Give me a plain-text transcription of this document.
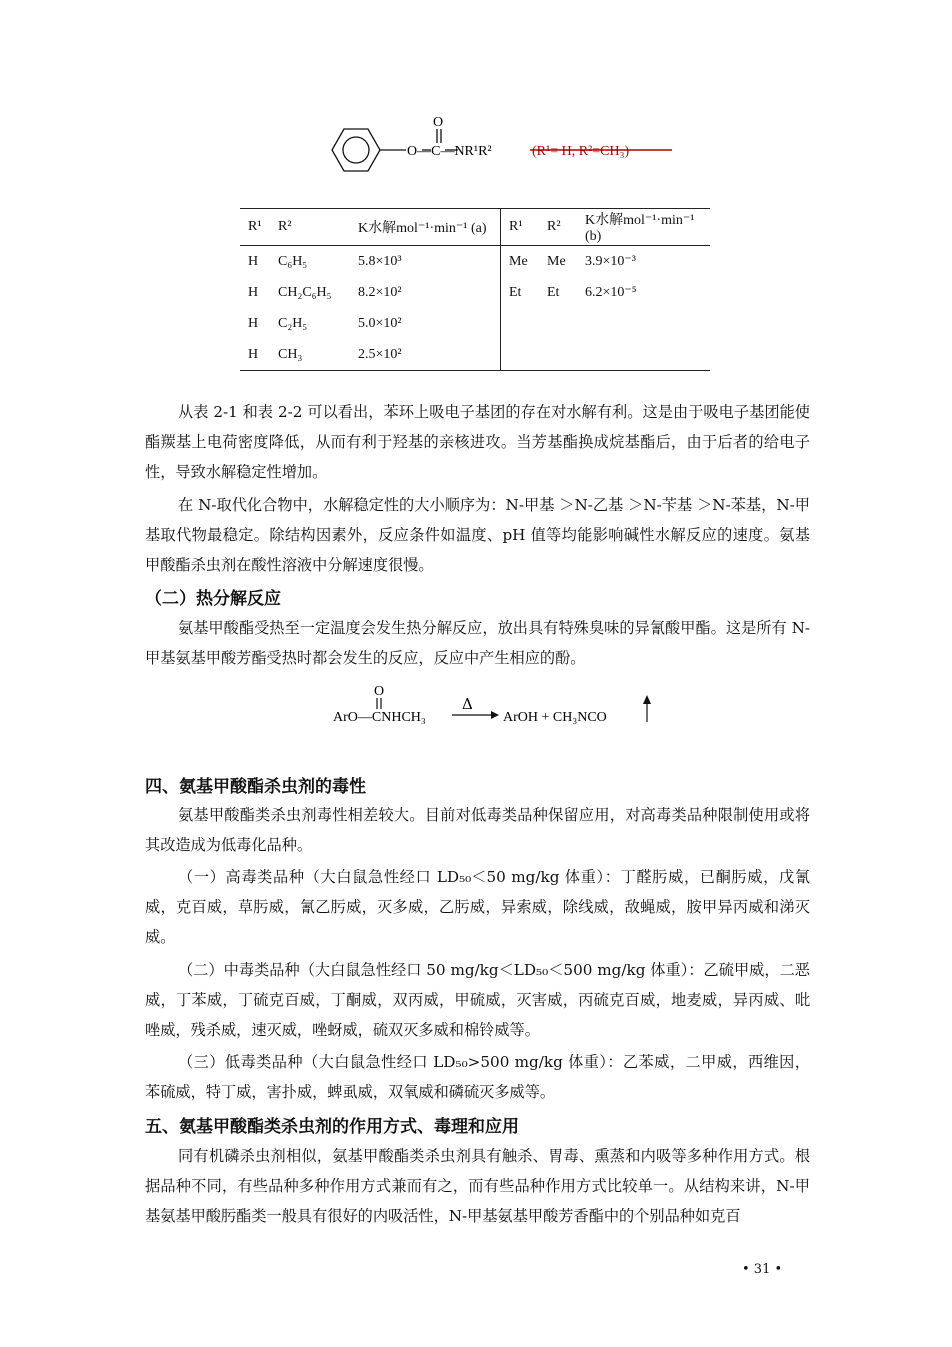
O
O—C—NR¹R²	(R¹= H, R²=CH₃)
R¹	R²	K水解mol⁻¹·min⁻¹ (a)	R¹	R²	K水解mol⁻¹·min⁻¹ (b)
H	C₆H₅	5.8×10³	Me	Me	3.9×10⁻³
H	CH₂C₆H₅	8.2×10²	Et	Et	6.2×10⁻⁵
H	C₂H₅	5.0×10²			
H	CH₃	2.5×10²			

从表 2-1 和表 2-2 可以看出，苯环上吸电子基团的存在对水解有利。这是由于吸电子基团能使酯羰基上电荷密度降低，从而有利于羟基的亲核进攻。当芳基酯换成烷基酯后，由于后者的给电子性，导致水解稳定性增加。

在 N-取代化合物中，水解稳定性的大小顺序为：N-甲基 ＞N-乙基 ＞N-苄基 ＞N-苯基，N-甲基取代物最稳定。除结构因素外，反应条件如温度、pH 值等均能影响碱性水解反应的速度。氨基甲酸酯杀虫剂在酸性溶液中分解速度很慢。

（二）热分解反应

氨基甲酸酯受热至一定温度会发生热分解反应，放出具有特殊臭味的异氰酸甲酯。这是所有 N-甲基氨基甲酸芳酯受热时都会发生的反应，反应中产生相应的酚。

O
ArO—CNHCH₃
Δ
ArOH + CH₃NCO
四、氨基甲酸酯杀虫剂的毒性

氨基甲酸酯类杀虫剂毒性相差较大。目前对低毒类品种保留应用，对高毒类品种限制使用或将其改造成为低毒化品种。

（一）高毒类品种（大白鼠急性经口 LD₅₀＜50 mg/kg 体重）：丁醛肟威，已酮肟威，戊氰威，克百威，草肟威，氰乙肟威，灭多威，乙肟威，异索威，除线威，敌蝇威，胺甲异丙威和涕灭威。

（二）中毒类品种（大白鼠急性经口 50 mg/kg＜LD₅₀＜500 mg/kg 体重）：乙硫甲威，二恶威，丁苯威，丁硫克百威，丁酮威，双丙威，甲硫威，灭害威，丙硫克百威，地麦威，异丙威、吡唑威，残杀威，速灭威，唑蚜威，硫双灭多威和棉铃威等。

（三）低毒类品种（大白鼠急性经口 LD₅₀>500 mg/kg 体重）：乙苯威，二甲威，西维因，苯硫威，特丁威，害扑威，蜱虱威，双氧威和磷硫灭多威等。

五、氨基甲酸酯类杀虫剂的作用方式、毒理和应用

同有机磷杀虫剂相似，氨基甲酸酯类杀虫剂具有触杀、胃毒、熏蒸和内吸等多种作用方式。根据品种不同，有些品种多种作用方式兼而有之，而有些品种作用方式比较单一。从结构来讲，N-甲基氨基甲酸肟酯类一般具有很好的内吸活性，N-甲基氨基甲酸芳香酯中的个别品种如克百

• 31 •
